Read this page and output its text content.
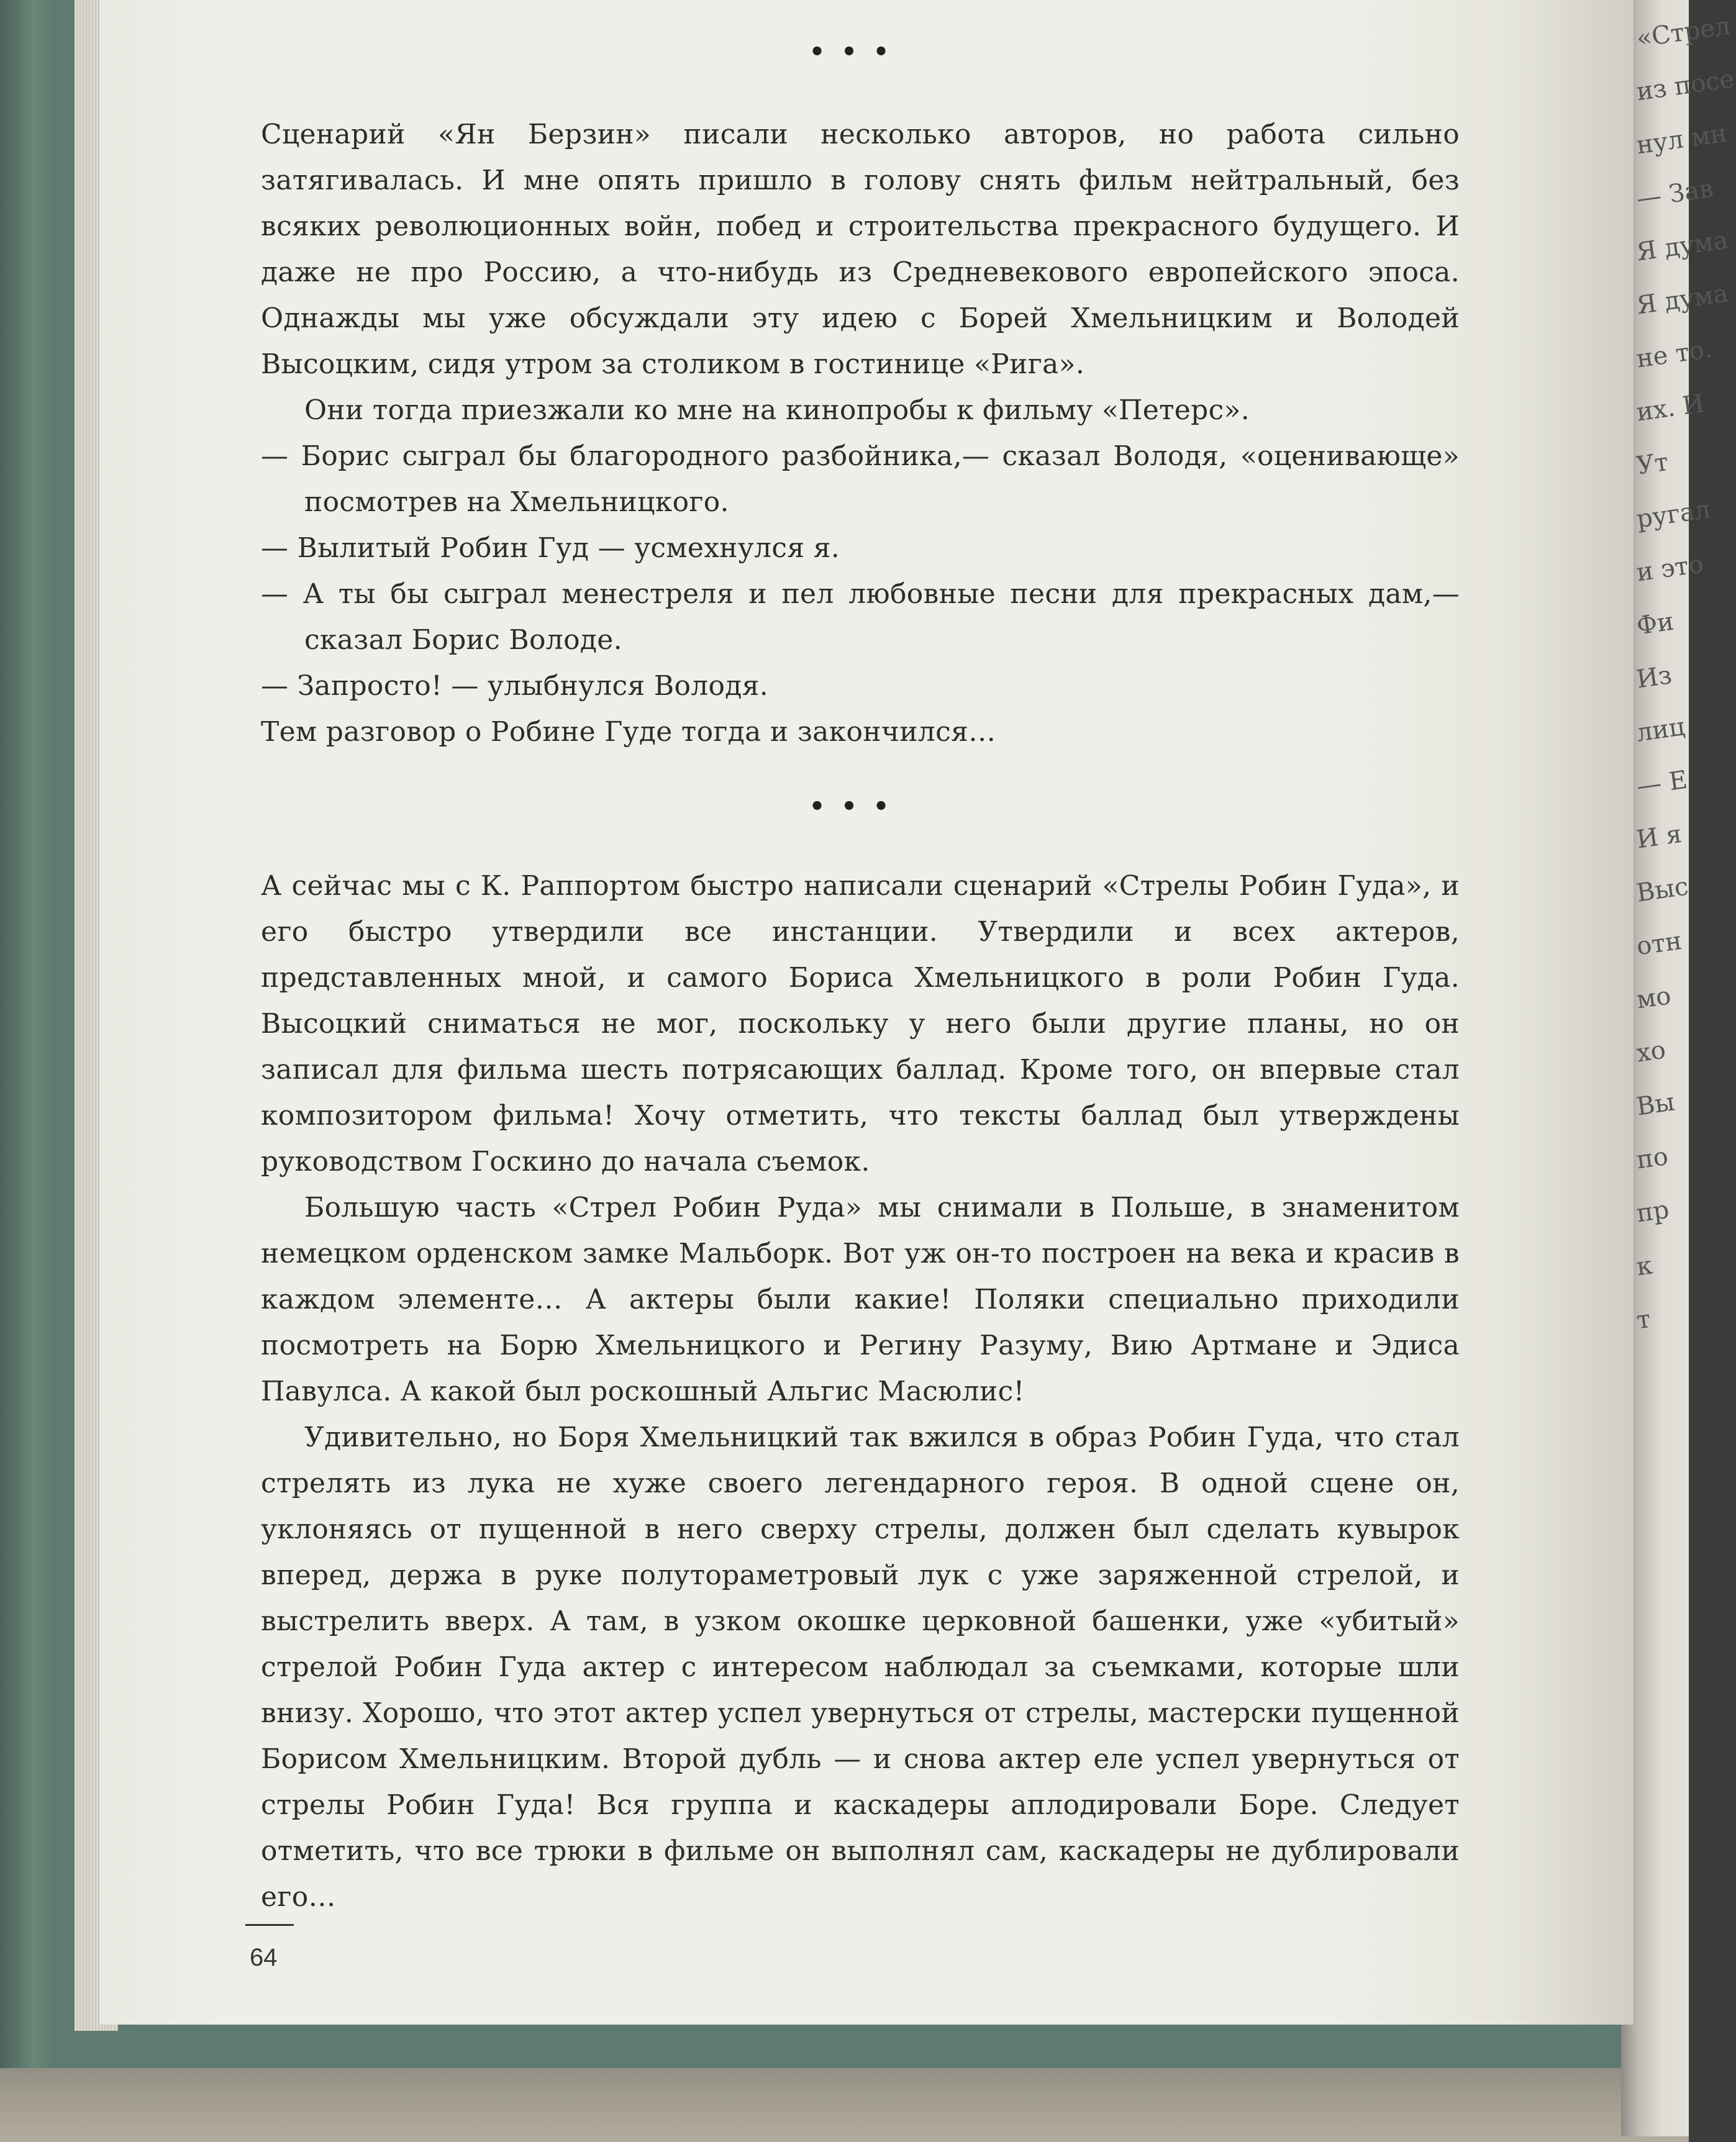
«Стрел
из посе
нул мн
— Зав
Я дума
Я дума
не то.
их. И
Ут
ругал
и это
Фи
Из
лиц
— Е
И я
Выс
отн
мо
хо
Вы
по
пр
к
т
• • •

Сценарий «Ян Берзин» писали несколько авторов, но работа сильно затягивалась. И мне опять пришло в голову снять фильм нейтральный, без всяких революционных войн, побед и строительства прекрасного будущего. И даже не про Россию, а что-нибудь из Средневекового европейского эпоса. Однажды мы уже обсуждали эту идею с Борей Хмельницким и Володей Высоцким, сидя утром за столиком в гостинице «Рига».

Они тогда приезжали ко мне на кинопробы к фильму «Петерс».

— Борис сыграл бы благородного разбойника,— сказал Володя, «оценивающе» посмотрев на Хмельницкого.

— Вылитый Робин Гуд — усмехнулся я.

— А ты бы сыграл менестреля и пел любовные песни для прекрасных дам,— сказал Борис Володе.

— Запросто! — улыбнулся Володя.

Тем разговор о Робине Гуде тогда и закончился…

• • •

А сейчас мы с К. Раппортом быстро написали сценарий «Стрелы Робин Гуда», и его быстро утвердили все инстанции. Утвердили и всех актеров, представленных мной, и самого Бориса Хмельницкого в роли Робин Гуда. Высоцкий сниматься не мог, поскольку у него были другие планы, но он записал для фильма шесть потрясающих баллад. Кроме того, он впервые стал композитором фильма! Хочу отметить, что тексты баллад был утверждены руководством Госкино до начала съемок.

Большую часть «Стрел Робин Руда» мы снимали в Польше, в знаменитом немецком орденском замке Мальборк. Вот уж он-то построен на века и красив в каждом элементе… А актеры были какие! Поляки специально приходили посмотреть на Борю Хмельницкого и Регину Разуму, Вию Артмане и Эдиса Павулса. А какой был роскошный Альгис Масюлис!

Удивительно, но Боря Хмельницкий так вжился в образ Робин Гуда, что стал стрелять из лука не хуже своего легендарного героя. В одной сцене он, уклоняясь от пущенной в него сверху стрелы, должен был сделать кувырок вперед, держа в руке полутораметровый лук с уже заряженной стрелой, и выстрелить вверх. А там, в узком окошке церковной башенки, уже «убитый» стрелой Робин Гуда актер с интересом наблюдал за съемками, которые шли внизу. Хорошо, что этот актер успел увернуться от стрелы, мастерски пущенной Борисом Хмельницким. Второй дубль — и снова актер еле успел увернуться от стрелы Робин Гуда! Вся группа и каскадеры аплодировали Боре. Следует отметить, что все трюки в фильме он выполнял сам, каскадеры не дублировали его…

64
